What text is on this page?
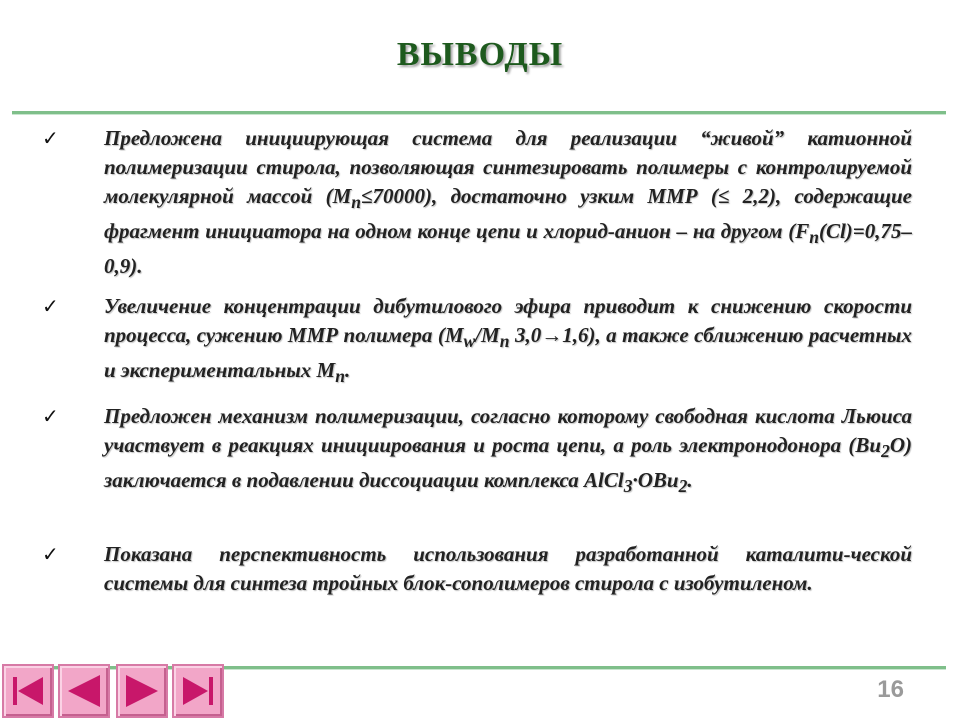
ВЫВОДЫ
✓ Предложена инициирующая система для реализации “живой” катионной полимеризации стирола, позволяющая синтезировать полимеры с контролируемой молекулярной массой $(M_n\le 70000)$, достаточно узким ММР (≤ 2,2), содержащие фрагмент инициатора на одном конце цепи и хлорид-анион – на другом $(F_n(Cl)=0,75-0,9)$.
✓ Увеличение концентрации дибутилового эфира приводит к снижению скорости процесса, сужению ММР полимера ($M_w/M_n$ 3,0→1,6), а также сближению расчетных и экспериментальных $M_n$.
✓ Предложен механизм полимеризации, согласно которому свободная кислота Льюиса участвует в реакциях инициирования и роста цепи, а роль электронодонора $(Bu_2O)$ заключается в подавлении диссоциации комплекса AlCl$_3$·OBu$_2$.
✓ Показана перспективность использования разработанной каталити-ческой системы для синтеза тройных блок-сополимеров стирола с изобутиленом.
16
